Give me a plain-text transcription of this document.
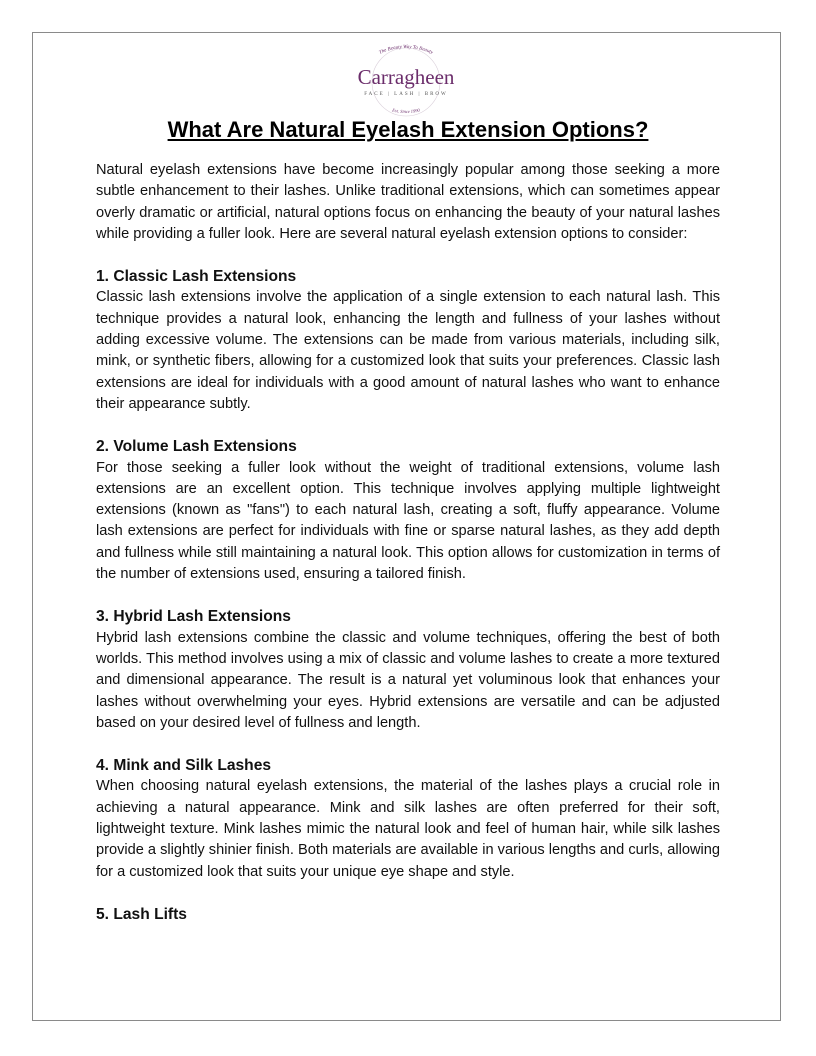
The Beauty Way To Beauty
Carragheen
FACE | LASH | BROW
Est. Since 1990
What Are Natural Eyelash Extension Options?

Natural eyelash extensions have become increasingly popular among those seeking a more subtle enhancement to their lashes. Unlike traditional extensions, which can sometimes appear overly dramatic or artificial, natural options focus on enhancing the beauty of your natural lashes while providing a fuller look. Here are several natural eyelash extension options to consider:

1. Classic Lash Extensions

Classic lash extensions involve the application of a single extension to each natural lash. This technique provides a natural look, enhancing the length and fullness of your lashes without adding excessive volume. The extensions can be made from various materials, including silk, mink, or synthetic fibers, allowing for a customized look that suits your preferences. Classic lash extensions are ideal for individuals with a good amount of natural lashes who want to enhance their appearance subtly.

2. Volume Lash Extensions

For those seeking a fuller look without the weight of traditional extensions, volume lash extensions are an excellent option. This technique involves applying multiple lightweight extensions (known as "fans") to each natural lash, creating a soft, fluffy appearance. Volume lash extensions are perfect for individuals with fine or sparse natural lashes, as they add depth and fullness while still maintaining a natural look. This option allows for customization in terms of the number of extensions used, ensuring a tailored finish.

3. Hybrid Lash Extensions

Hybrid lash extensions combine the classic and volume techniques, offering the best of both worlds. This method involves using a mix of classic and volume lashes to create a more textured and dimensional appearance. The result is a natural yet voluminous look that enhances your lashes without overwhelming your eyes. Hybrid extensions are versatile and can be adjusted based on your desired level of fullness and length.

4. Mink and Silk Lashes

When choosing natural eyelash extensions, the material of the lashes plays a crucial role in achieving a natural appearance. Mink and silk lashes are often preferred for their soft, lightweight texture. Mink lashes mimic the natural look and feel of human hair, while silk lashes provide a slightly shinier finish. Both materials are available in various lengths and curls, allowing for a customized look that suits your unique eye shape and style.

5. Lash Lifts
